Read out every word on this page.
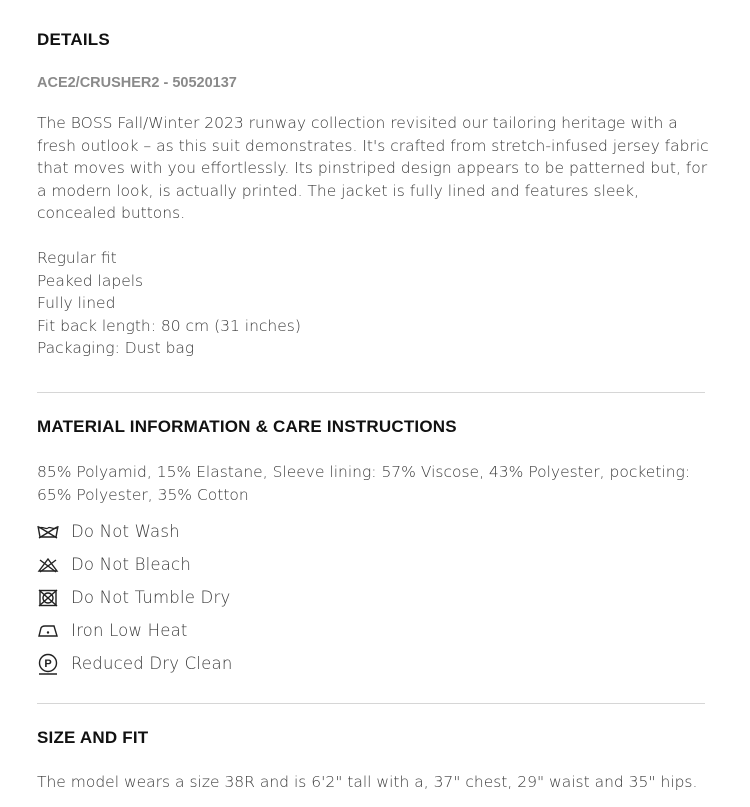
DETAILS
ACE2/CRUSHER2 - 50520137

The BOSS Fall/Winter 2023 runway collection revisited our tailoring heritage with a fresh outlook – as this suit demonstrates. It's crafted from stretch-infused jersey fabric that moves with you effortlessly. Its pinstriped design appears to be patterned but, for a modern look, is actually printed. The jacket is fully lined and features sleek, concealed buttons.

Regular fit
Peaked lapels
Fully lined
Fit back length: 80 cm (31 inches)
Packaging: Dust bag
MATERIAL INFORMATION & CARE INSTRUCTIONS

85% Polyamid, 15% Elastane, Sleeve lining: 57% Viscose, 43% Polyester, pocketing: 65% Polyester, 35% Cotton

Do Not Wash
Do Not Bleach
Do Not Tumble Dry
Iron Low Heat
P Reduced Dry Clean
SIZE AND FIT

The model wears a size 38R and is 6'2" tall with a, 37" chest, 29" waist and 35" hips.
